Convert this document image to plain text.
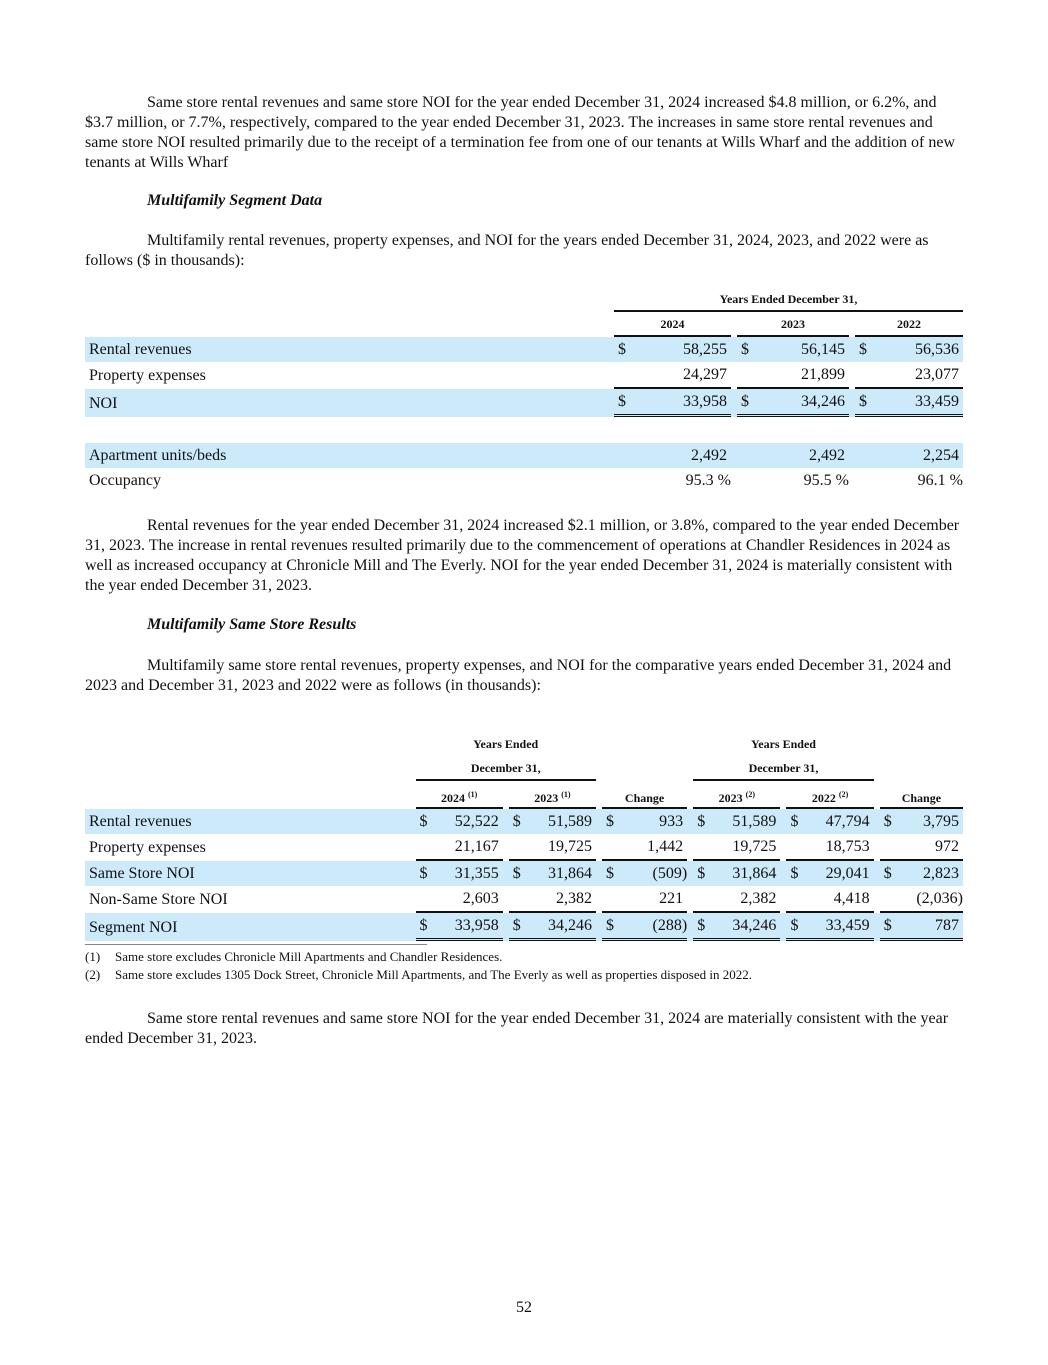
Same store rental revenues and same store NOI for the year ended December 31, 2024 increased $4.8 million, or 6.2%, and $3.7 million, or 7.7%, respectively, compared to the year ended December 31, 2023. The increases in same store rental revenues and same store NOI resulted primarily due to the receipt of a termination fee from one of our tenants at Wills Wharf and the addition of new tenants at Wills Wharf

Multifamily Segment Data

Multifamily rental revenues, property expenses, and NOI for the years ended December 31, 2024, 2023, and 2022 were as follows ($ in thousands):

	Years Ended December 31,							
	2024			2023			2022	
Rental revenues	$	58,255		$	56,145		$	56,536
Property expenses		24,297			21,899			23,077
NOI	$	33,958		$	34,246		$	33,459

Apartment units/beds		2,492			2,492			2,254
Occupancy		95.3 %			95.5 %			96.1 %

Rental revenues for the year ended December 31, 2024 increased $2.1 million, or 3.8%, compared to the year ended December 31, 2023. The increase in rental revenues resulted primarily due to the commencement of operations at Chandler Residences in 2024 as well as increased occupancy at Chronicle Mill and The Everly. NOI for the year ended December 31, 2024 is materially consistent with the year ended December 31, 2023.

Multifamily Same Store Results

Multifamily same store rental revenues, property expenses, and NOI for the comparative years ended December 31, 2024 and 2023 and December 31, 2023 and 2022 were as follows (in thousands):

	Years Ended									Years Ended							
	December 31,									December 31,							
	2024 $^{(1)}$			2023 $^{(1)}$			Change			2023 $^{(2)}$			2022 $^{(2)}$			Change	
Rental revenues	$	52,522		$	51,589		$	933		$	51,589		$	47,794		$	3,795
Property expenses		21,167			19,725			1,442			19,725			18,753			972
Same Store NOI	$	31,355		$	31,864		$	(509)		$	31,864		$	29,041		$	2,823
Non-Same Store NOI		2,603			2,382			221			2,382			4,418			(2,036)
Segment NOI	$	33,958		$	34,246		$	(288)		$	34,246		$	33,459		$	787

(1) Same store excludes Chronicle Mill Apartments and Chandler Residences.

(2) Same store excludes 1305 Dock Street, Chronicle Mill Apartments, and The Everly as well as properties disposed in 2022.

Same store rental revenues and same store NOI for the year ended December 31, 2024 are materially consistent with the year ended December 31, 2023.

52
